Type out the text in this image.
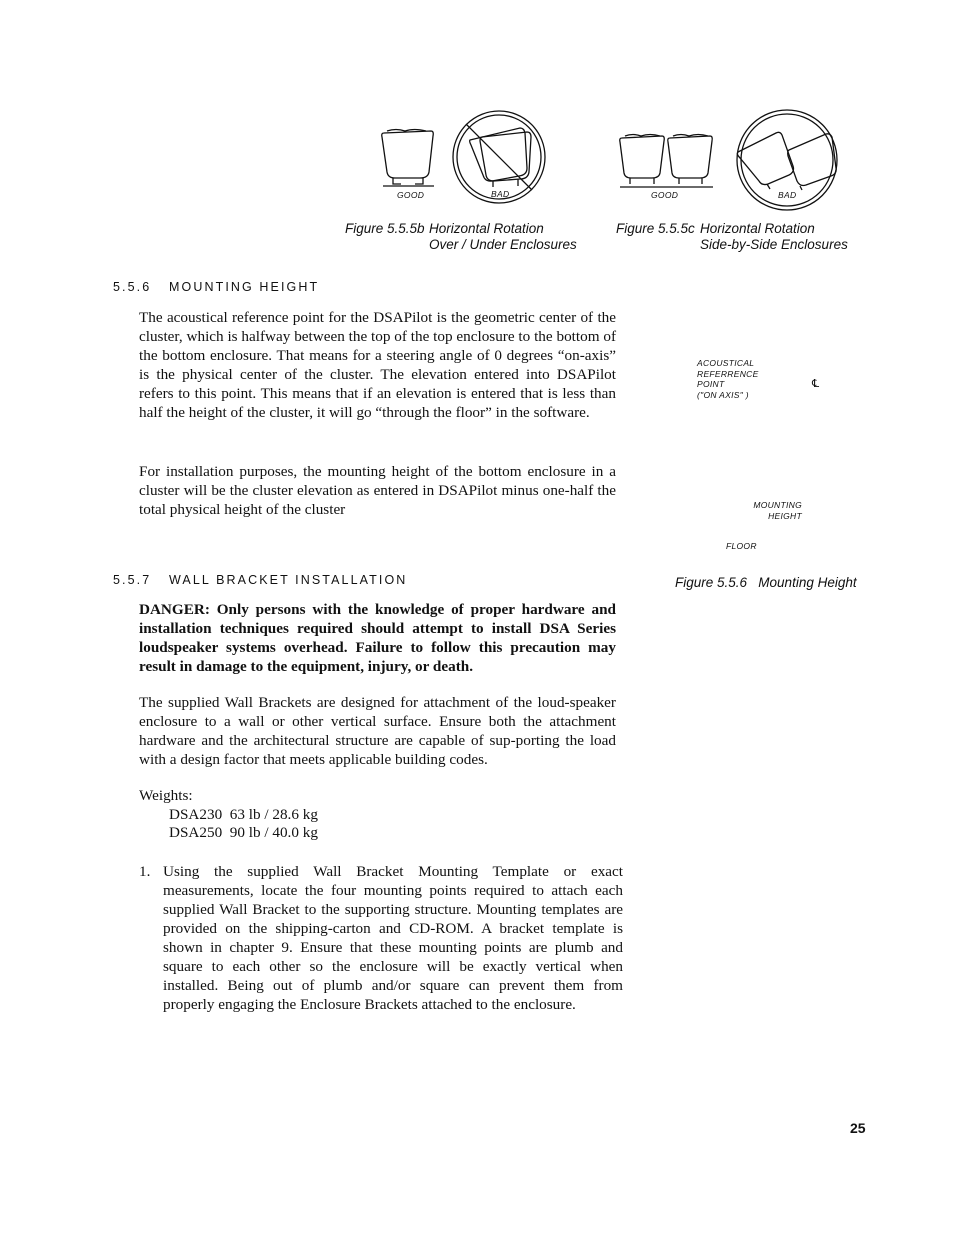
GOOD	BAD	GOOD	BAD
Figure 5.5.5b Horizontal Rotation
Over / Under Enclosures
Figure 5.5.5c Horizontal Rotation
Side-by-Side Enclosures
ACOUSTICAL
REFERRENCE
POINT
("ON AXIS" )
℄
MOUNTING
HEIGHT
FLOOR
Figure 5.5.6   Mounting Height
5.5.6 MOUNTING HEIGHT

The acoustical reference point for the DSAPilot is the geometric center of the cluster, which is halfway between the top of the top enclosure to the bottom of the bottom enclosure. That means for a steering angle of 0 degrees “on-axis” is the physical center of the cluster. The elevation entered into DSAPilot refers to this point. This means that if an elevation is entered that is less than half the height of the cluster, it will go “through the floor” in the software.

For installation purposes, the mounting height of the bottom enclosure in a cluster will be the cluster elevation as entered in DSAPilot minus one-half the total physical height of the cluster

5.5.7 WALL BRACKET INSTALLATION

DANGER: Only persons with the knowledge of proper hardware and installation techniques required should attempt to install DSA Series loudspeaker systems overhead. Failure to follow this precaution may result in damage to the equipment, injury, or death.

The supplied Wall Brackets are designed for attachment of the loud-speaker enclosure to a wall or other vertical surface. Ensure both the attachment hardware and the architectural structure are capable of sup-porting the load with a design factor that meets applicable building codes.

Weights:
DSA230  63 lb / 28.6 kg
DSA250  90 lb / 40.0 kg
1. Using the supplied Wall Bracket Mounting Template or exact measurements, locate the four mounting points required to attach each supplied Wall Bracket to the supporting structure. Mounting templates are provided on the shipping-carton and CD-ROM. A bracket template is shown in chapter 9. Ensure that these mounting points are plumb and square to each other so the enclosure will be exactly vertical when installed. Being out of plumb and/or square can prevent them from properly engaging the Enclosure Brackets attached to the enclosure.
25
